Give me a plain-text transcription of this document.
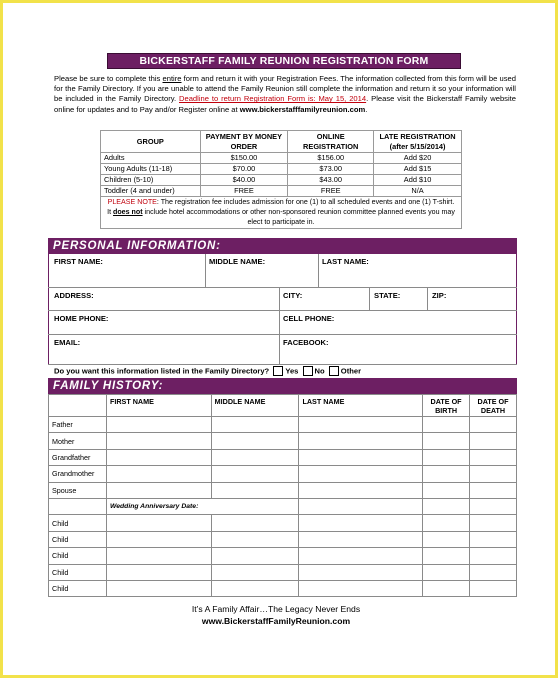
BICKERSTAFF FAMILY REUNION REGISTRATION FORM
Please be sure to complete this entire form and return it with your Registration Fees. The information collected from this form will be used for the Family Directory. If you are unable to attend the Family Reunion still complete the information and return it so your information will be included in the Family Directory. Deadline to return Registration Form is: May 15, 2014. Please visit the Bickerstaff Family website online for updates and to Pay and/or Register online at www.bickerstafffamilyreunion.com.
GROUP	PAYMENT BY MONEY ORDER	ONLINE REGISTRATION	LATE REGISTRATION (after 5/15/2014)
Adults	$150.00	$156.00	Add $20
Young Adults (11-18)	$70.00	$73.00	Add $15
Children (5-10)	$40.00	$43.00	Add $10
Toddler (4 and under)	FREE	FREE	N/A
PLEASE NOTE: The registration fee includes admission for one (1) to all scheduled events and one (1) T-shirt. It does not include hotel accommodations or other non-sponsored reunion committee planned events you may elect to participate in.			
PERSONAL INFORMATION:
FIRST NAME:	MIDDLE NAME:	LAST NAME:
ADDRESS:	CITY:	STATE:	ZIP:
HOME PHONE:	CELL PHONE:
EMAIL:	FACEBOOK:
Do you want this information listed in the Family Directory? Yes No Other
FAMILY HISTORY:
	FIRST NAME	MIDDLE NAME	LAST NAME	DATE OF BIRTH	DATE OF DEATH
Father					
Mother					
Grandfather					
Grandmother					
Spouse					
	Wedding Anniversary Date:				
Child					
Child					
Child					
Child					
Child					
It’s A Family Affair…The Legacy Never Ends
www.BickerstaffFamilyReunion.com
